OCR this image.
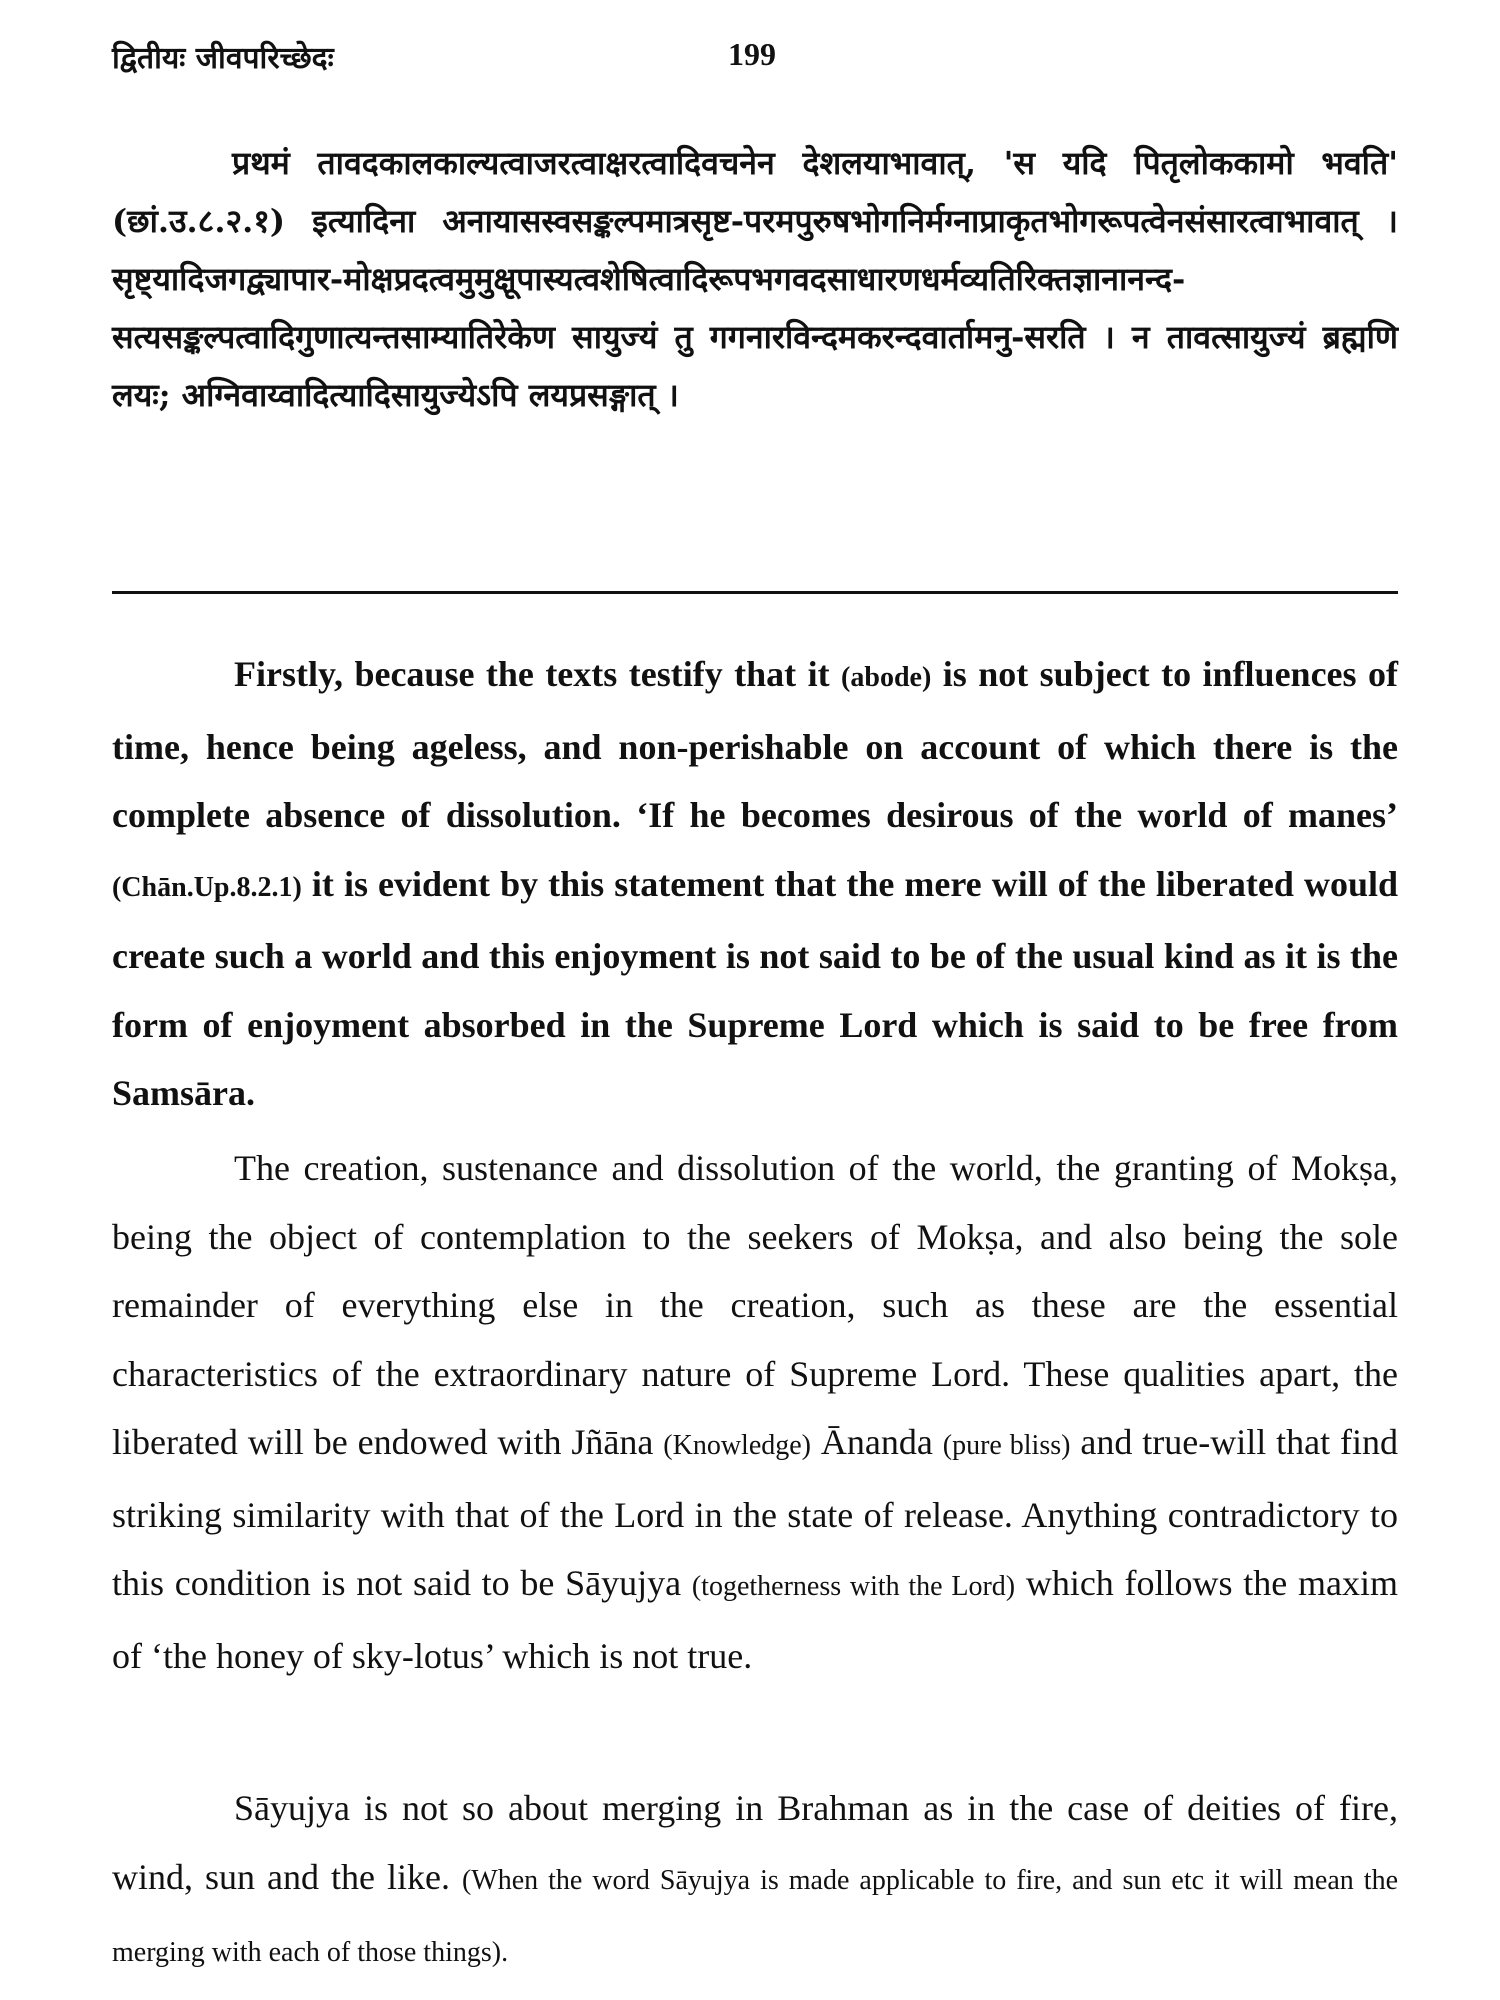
द्वितीयः जीवपरिच्छेदः	199
प्रथमं तावदकालकाल्यत्वाजरत्वाक्षरत्वादिवचनेन देशलयाभावात्, 'स यदि पितृलोककामो भवति' (छां.उ.८.२.१) इत्यादिना अनायासस्वसङ्कल्पमात्रसृष्ट-परमपुरुषभोगनिर्मग्नाप्राकृतभोगरूपत्वेनसंसारत्वाभावात् । सृष्ट्यादिजगद्व्यापार-मोक्षप्रदत्वमुमुक्षूपास्यत्वशेषित्वादिरूपभगवदसाधारणधर्मव्यतिरिक्तज्ञानानन्द-सत्यसङ्कल्पत्वादिगुणात्यन्तसाम्यातिरेकेण सायुज्यं तु गगनारविन्दमकरन्दवार्तामनु-सरति । न तावत्सायुज्यं ब्रह्मणि लयः; अग्निवाय्वादित्यादिसायुज्येऽपि लयप्रसङ्गात् ।

Firstly, because the texts testify that it (abode) is not subject to influences of time, hence being ageless, and non-perishable on account of which there is the complete absence of dissolution. ‘If he becomes desirous of the world of manes’ (Chān.Up.8.2.1) it is evident by this statement that the mere will of the liberated would create such a world and this enjoyment is not said to be of the usual kind as it is the form of enjoyment absorbed in the Supreme Lord which is said to be free from Samsāra.

The creation, sustenance and dissolution of the world, the granting of Mokṣa, being the object of contemplation to the seekers of Mokṣa, and also being the sole remainder of everything else in the creation, such as these are the essential characteristics of the extraordinary nature of Supreme Lord. These qualities apart, the liberated will be endowed with Jñāna (Knowledge) Ānanda (pure bliss) and true-will that find striking similarity with that of the Lord in the state of release. Anything contradictory to this condition is not said to be Sāyujya (togetherness with the Lord) which follows the maxim of ‘the honey of sky-lotus’ which is not true.

Sāyujya is not so about merging in Brahman as in the case of deities of fire, wind, sun and the like. (When the word Sāyujya is made applicable to fire, and sun etc it will mean the merging with each of those things).
